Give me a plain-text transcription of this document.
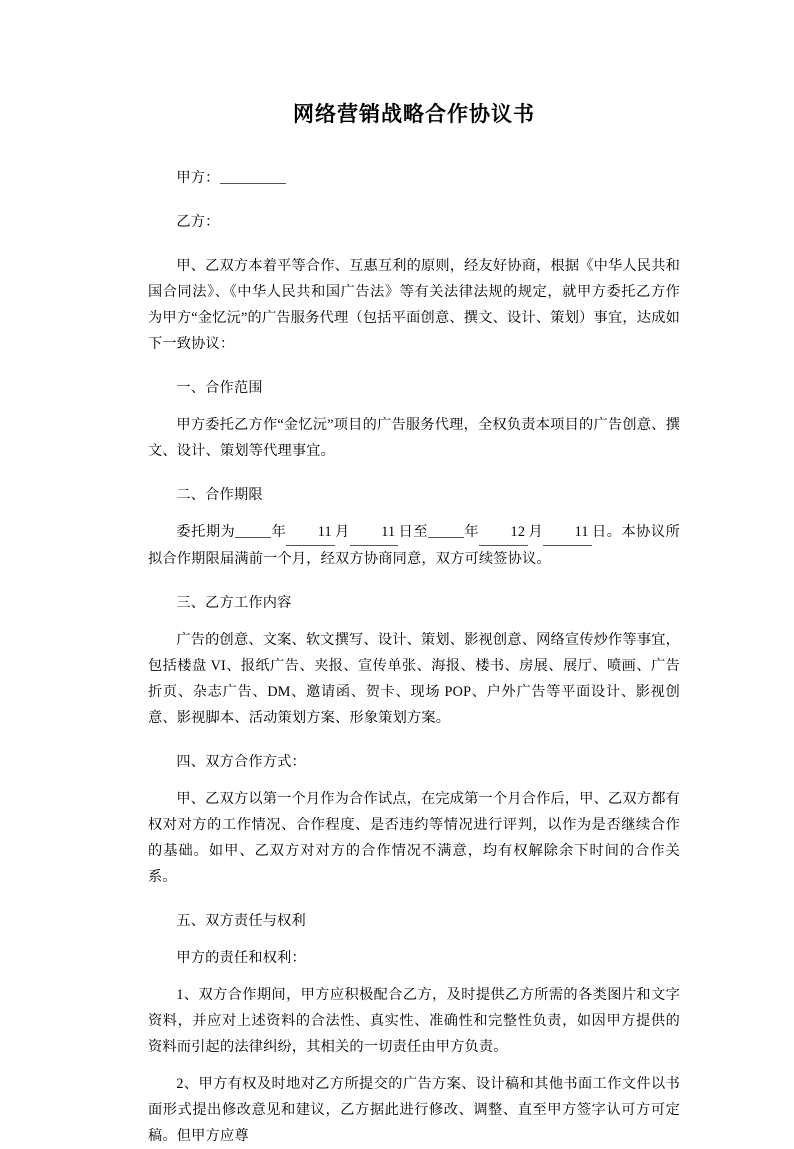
网络营销战略合作协议书

甲方：

乙方：

甲、乙双方本着平等合作、互惠互利的原则，经友好协商，根据《中华人民共和国合同法》、《中华人民共和国广告法》等有关法律法规的规定，就甲方委托乙方作为甲方“金忆沅”的广告服务代理（包括平面创意、撰文、设计、策划）事宜，达成如下一致协议：

一、合作范围

甲方委托乙方作“金忆沅”项目的广告服务代理，全权负责本项目的广告创意、撰文、设计、策划等代理事宜。

二、合作期限

委托期为	年 11 月 11 日至	年 12 月 11 日。本协议所拟合作期限届满前一个月，经双方协商同意，双方可续签协议。

三、乙方工作内容

广告的创意、文案、软文撰写、设计、策划、影视创意、网络宣传炒作等事宜，包括楼盘 VI、报纸广告、夹报、宣传单张、海报、楼书、房展、展厅、喷画、广告折页、杂志广告、DM、邀请函、贺卡、现场 POP、户外广告等平面设计、影视创意、影视脚本、活动策划方案、形象策划方案。

四、双方合作方式：

甲、乙双方以第一个月作为合作试点，在完成第一个月合作后，甲、乙双方都有权对对方的工作情况、合作程度、是否违约等情况进行评判，以作为是否继续合作的基础。如甲、乙双方对对方的合作情况不满意，均有权解除余下时间的合作关系。

五、双方责任与权利

甲方的责任和权利：

1、双方合作期间，甲方应积极配合乙方，及时提供乙方所需的各类图片和文字资料，并应对上述资料的合法性、真实性、准确性和完整性负责，如因甲方提供的资料而引起的法律纠纷，其相关的一切责任由甲方负责。

2、甲方有权及时地对乙方所提交的广告方案、设计稿和其他书面工作文件以书面形式提出修改意见和建议，乙方据此进行修改、调整、直至甲方签字认可方可定稿。但甲方应尊
